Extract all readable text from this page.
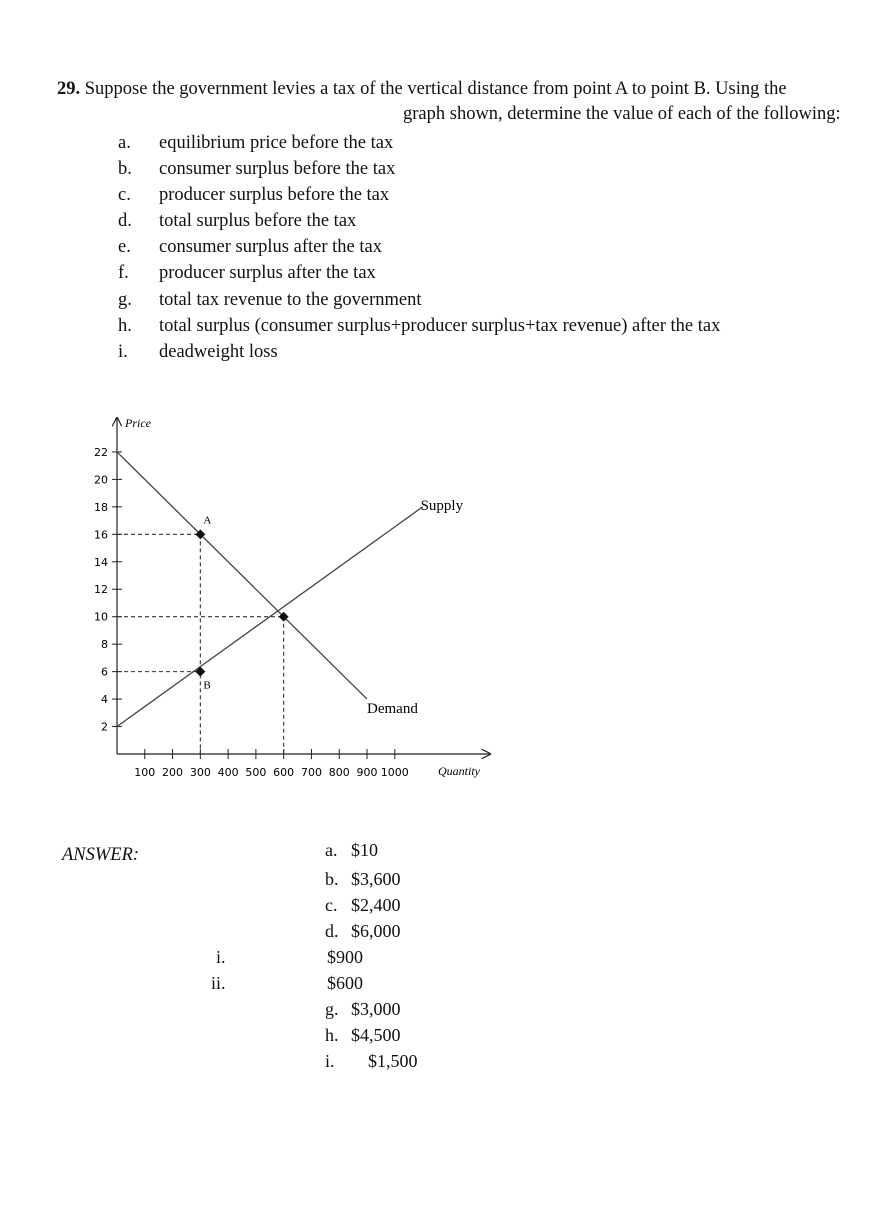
29. Suppose the government levies a tax of the vertical distance from point A to point B. Using the
graph shown, determine the value of each of the following:
a.	equilibrium price before the tax
b.	consumer surplus before the tax
c.	producer surplus before the tax
d.	total surplus before the tax
e.	consumer surplus after the tax
f.	producer surplus after the tax
g.	total tax revenue to the government
h.	total surplus (consumer surplus+producer surplus+tax revenue) after the tax
i.	deadweight loss
Price
Quantity
2
4
6
8
10
12
14
16
18
20
22
100 200 300 400 500 600 700 800 900 1000
Supply
Demand
A
B
ANSWER:	a. $10
b. $3,600
c. $2,400
d. $6,000
i.	$900
ii.	$600
g. $3,000
h. $4,500
i. $1,500
